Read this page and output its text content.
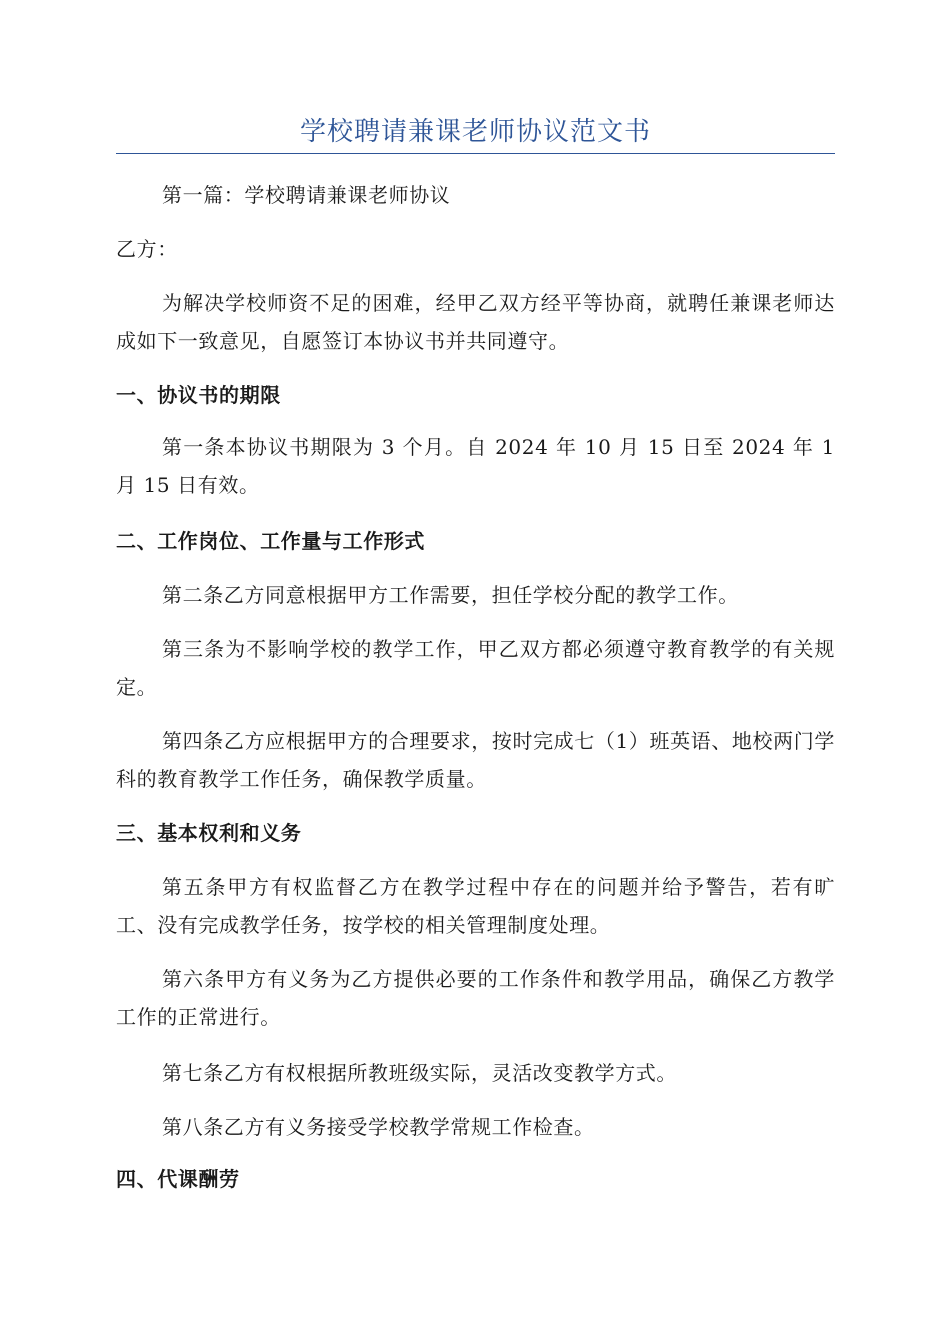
学校聘请兼课老师协议范文书

第一篇：学校聘请兼课老师协议

乙方：

为解决学校师资不足的困难，经甲乙双方经平等协商，就聘任兼课老师达成如下一致意见，自愿签订本协议书并共同遵守。

一、协议书的期限

第一条本协议书期限为 3 个月。自 2024 年 10 月 15 日至 2024 年 1 月 15 日有效。

二、工作岗位、工作量与工作形式

第二条乙方同意根据甲方工作需要，担任学校分配的教学工作。

第三条为不影响学校的教学工作，甲乙双方都必须遵守教育教学的有关规定。

第四条乙方应根据甲方的合理要求，按时完成七（1）班英语、地校两门学科的教育教学工作任务，确保教学质量。

三、基本权利和义务

第五条甲方有权监督乙方在教学过程中存在的问题并给予警告，若有旷工、没有完成教学任务，按学校的相关管理制度处理。

第六条甲方有义务为乙方提供必要的工作条件和教学用品，确保乙方教学工作的正常进行。

第七条乙方有权根据所教班级实际，灵活改变教学方式。

第八条乙方有义务接受学校教学常规工作检查。

四、代课酬劳
